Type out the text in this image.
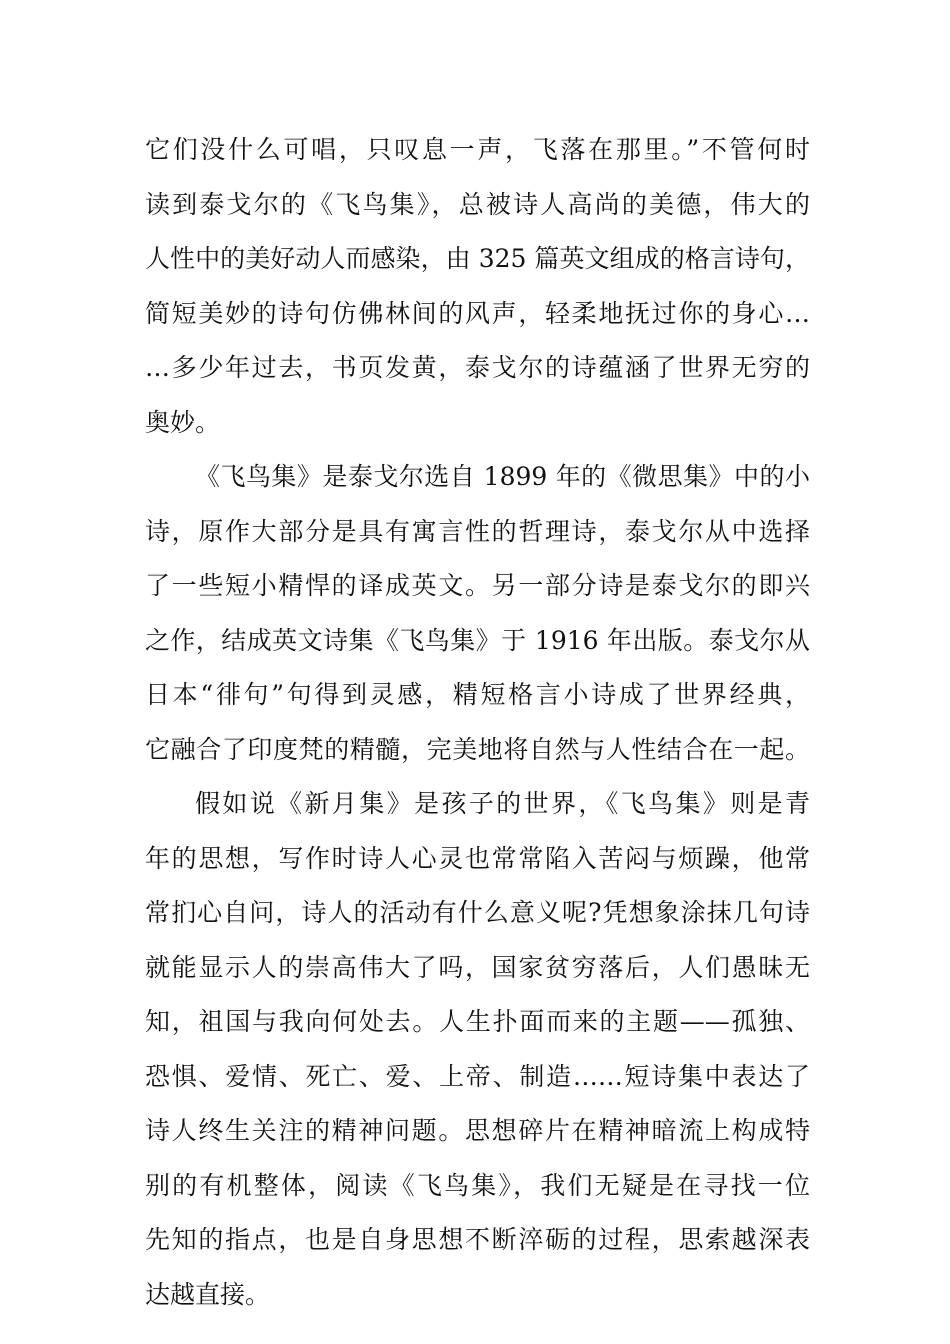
它们没什么可唱，只叹息一声，飞落在那里。”不管何时
读到泰戈尔的《飞鸟集》，总被诗人高尚的美德，伟大的
人性中的美好动人而感染，由 325 篇英文组成的格言诗句，
简短美妙的诗句仿佛林间的风声，轻柔地抚过你的身心…
…多少年过去，书页发黄，泰戈尔的诗蕴涵了世界无穷的
奥妙。
《飞鸟集》是泰戈尔选自 1899 年的《微思集》中的小
诗，原作大部分是具有寓言性的哲理诗，泰戈尔从中选择
了一些短小精悍的译成英文。另一部分诗是泰戈尔的即兴
之作，结成英文诗集《飞鸟集》于 1916 年出版。泰戈尔从
日本“徘句”句得到灵感，精短格言小诗成了世界经典，
它融合了印度梵的精髓，完美地将自然与人性结合在一起。
假如说《新月集》是孩子的世界，《飞鸟集》则是青
年的思想，写作时诗人心灵也常常陷入苦闷与烦躁，他常
常扪心自问，诗人的活动有什么意义呢?凭想象涂抹几句诗
就能显示人的崇高伟大了吗，国家贫穷落后，人们愚昧无
知，祖国与我向何处去。人生扑面而来的主题——孤独、
恐惧、爱情、死亡、爱、上帝、制造……短诗集中表达了
诗人终生关注的精神问题。思想碎片在精神暗流上构成特
别的有机整体，阅读《飞鸟集》，我们无疑是在寻找一位
先知的指点，也是自身思想不断淬砺的过程，思索越深表
达越直接。
